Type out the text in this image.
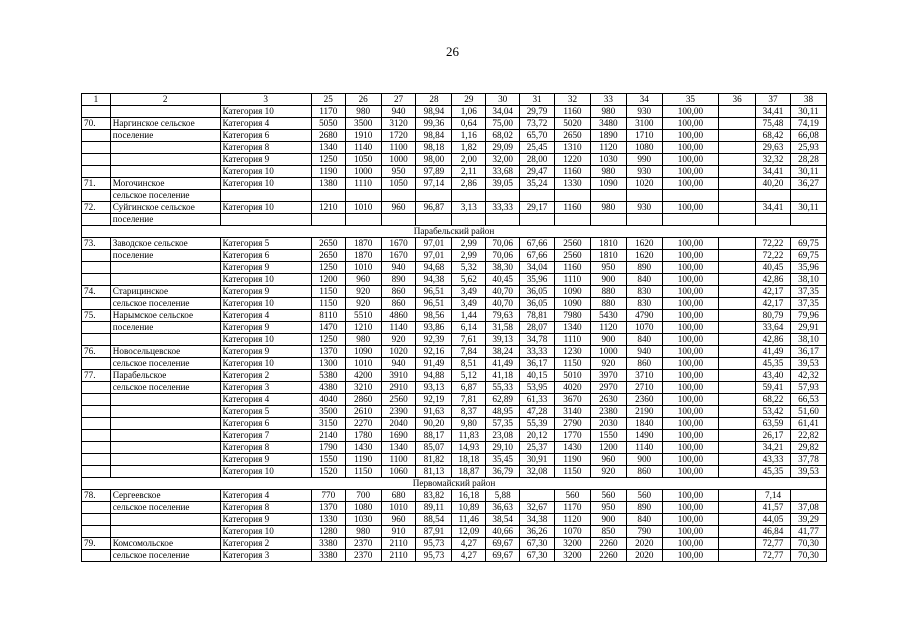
26
1	2	3	25	26	27	28	29	30	31	32	33	34	35	36	37	38
		Категория 10	1170	980	940	98,94	1,06	34,04	29,79	1160	980	930	100,00		34,41	30,11
70.	Наргинское сельское	Категория 4	5050	3500	3120	99,36	0,64	75,00	73,72	5020	3480	3100	100,00		75,48	74,19
	поселение	Категория 6	2680	1910	1720	98,84	1,16	68,02	65,70	2650	1890	1710	100,00		68,42	66,08
		Категория 8	1340	1140	1100	98,18	1,82	29,09	25,45	1310	1120	1080	100,00		29,63	25,93
		Категория 9	1250	1050	1000	98,00	2,00	32,00	28,00	1220	1030	990	100,00		32,32	28,28
		Категория 10	1190	1000	950	97,89	2,11	33,68	29,47	1160	980	930	100,00		34,41	30,11
71.	Могочинское	Категория 10	1380	1110	1050	97,14	2,86	39,05	35,24	1330	1090	1020	100,00		40,20	36,27
	сельское поселение															
72.	Суйгинское сельское	Категория 10	1210	1010	960	96,87	3,13	33,33	29,17	1160	980	930	100,00		34,41	30,11
	поселение															
Парабельский район																
73.	Заводское сельское	Категория 5	2650	1870	1670	97,01	2,99	70,06	67,66	2560	1810	1620	100,00		72,22	69,75
	поселение	Категория 6	2650	1870	1670	97,01	2,99	70,06	67,66	2560	1810	1620	100,00		72,22	69,75
		Категория 9	1250	1010	940	94,68	5,32	38,30	34,04	1160	950	890	100,00		40,45	35,96
		Категория 10	1200	960	890	94,38	5,62	40,45	35,96	1110	900	840	100,00		42,86	38,10
74.	Старицинское	Категория 9	1150	920	860	96,51	3,49	40,70	36,05	1090	880	830	100,00		42,17	37,35
	сельское поселение	Категория 10	1150	920	860	96,51	3,49	40,70	36,05	1090	880	830	100,00		42,17	37,35
75.	Нарымское сельское	Категория 4	8110	5510	4860	98,56	1,44	79,63	78,81	7980	5430	4790	100,00		80,79	79,96
	поселение	Категория 9	1470	1210	1140	93,86	6,14	31,58	28,07	1340	1120	1070	100,00		33,64	29,91
		Категория 10	1250	980	920	92,39	7,61	39,13	34,78	1110	900	840	100,00		42,86	38,10
76.	Новосельцевское	Категория 9	1370	1090	1020	92,16	7,84	38,24	33,33	1230	1000	940	100,00		41,49	36,17
	сельское поселение	Категория 10	1300	1010	940	91,49	8,51	41,49	36,17	1150	920	860	100,00		45,35	39,53
77.	Парабельское	Категория 2	5380	4200	3910	94,88	5,12	41,18	40,15	5010	3970	3710	100,00		43,40	42,32
	сельское поселение	Категория 3	4380	3210	2910	93,13	6,87	55,33	53,95	4020	2970	2710	100,00		59,41	57,93
		Категория 4	4040	2860	2560	92,19	7,81	62,89	61,33	3670	2630	2360	100,00		68,22	66,53
		Категория 5	3500	2610	2390	91,63	8,37	48,95	47,28	3140	2380	2190	100,00		53,42	51,60
		Категория 6	3150	2270	2040	90,20	9,80	57,35	55,39	2790	2030	1840	100,00		63,59	61,41
		Категория 7	2140	1780	1690	88,17	11,83	23,08	20,12	1770	1550	1490	100,00		26,17	22,82
		Категория 8	1790	1430	1340	85,07	14,93	29,10	25,37	1430	1200	1140	100,00		34,21	29,82
		Категория 9	1550	1190	1100	81,82	18,18	35,45	30,91	1190	960	900	100,00		43,33	37,78
		Категория 10	1520	1150	1060	81,13	18,87	36,79	32,08	1150	920	860	100,00		45,35	39,53
Первомайский район																
78.	Сергеевское	Категория 4	770	700	680	83,82	16,18	5,88		560	560	560	100,00		7,14	
	сельское поселение	Категория 8	1370	1080	1010	89,11	10,89	36,63	32,67	1170	950	890	100,00		41,57	37,08
		Категория 9	1330	1030	960	88,54	11,46	38,54	34,38	1120	900	840	100,00		44,05	39,29
		Категория 10	1280	980	910	87,91	12,09	40,66	36,26	1070	850	790	100,00		46,84	41,77
79.	Комсомольское	Категория 2	3380	2370	2110	95,73	4,27	69,67	67,30	3200	2260	2020	100,00		72,77	70,30
	сельское поселение	Категория 3	3380	2370	2110	95,73	4,27	69,67	67,30	3200	2260	2020	100,00		72,77	70,30
